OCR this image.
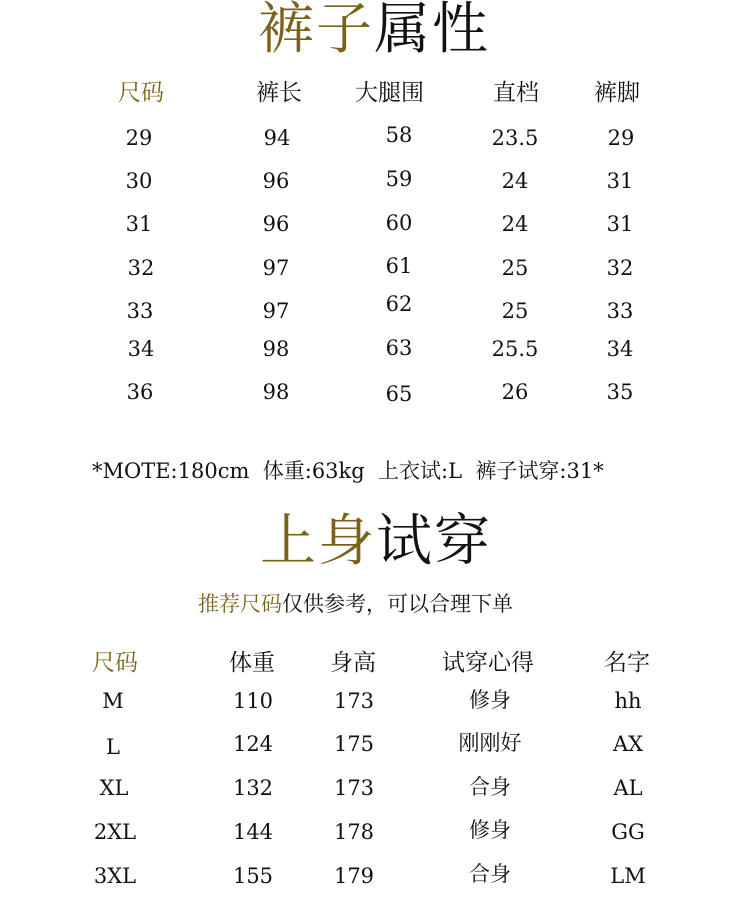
裤子属性
尺码	裤长 大腿围	直档 裤脚
29	94	58	23.5	29
30	96	59	24	31
31	96	60	24	31
32	97	61	25	32
33	97	62	25	33
34	98	63	25.5	34
36	98	65	26	35
*MOTE:180cm  体重:63kg  上衣试:L  裤子试穿:31*
上身试穿
推荐尺码仅供参考，可以合理下单
尺码	体重 身高	试穿心得	名字
M	110	173	修身	hh
L	124	175	刚刚好	AX
XL	132	173	合身	AL
2XL	144	178	修身	GG
3XL	155	179	合身	LM
